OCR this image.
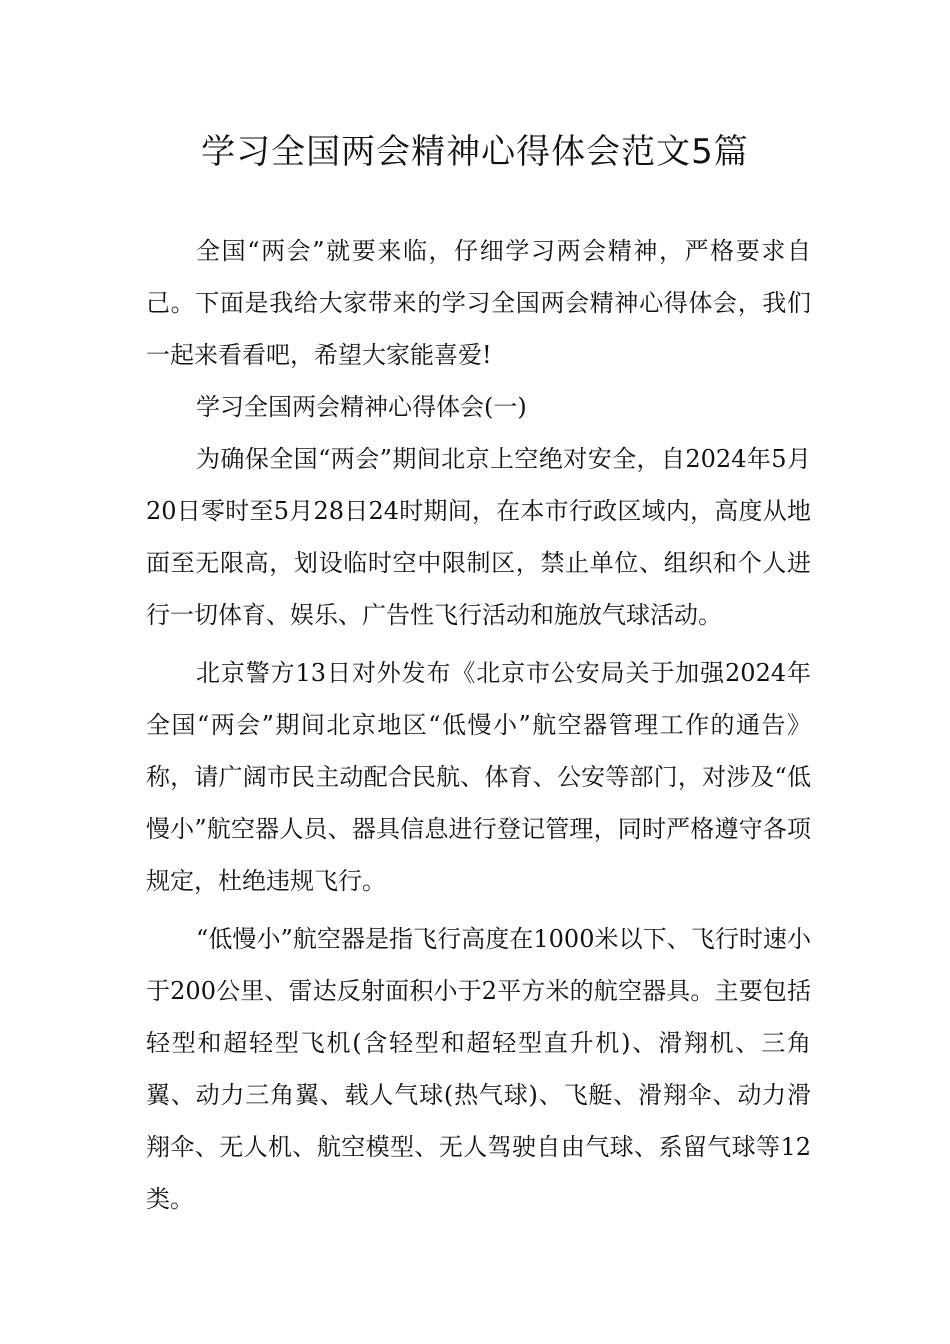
学习全国两会精神心得体会范文5篇

全国“两会”就要来临，仔细学习两会精神，严格要求自己。下面是我给大家带来的学习全国两会精神心得体会，我们一起来看看吧，希望大家能喜爱!

学习全国两会精神心得体会(一)

为确保全国“两会”期间北京上空绝对安全，自2024年5月20日零时至5月28日24时期间，在本市行政区域内，高度从地面至无限高，划设临时空中限制区，禁止单位、组织和个人进行一切体育、娱乐、广告性飞行活动和施放气球活动。

北京警方13日对外发布《北京市公安局关于加强2024年全国“两会”期间北京地区“低慢小”航空器管理工作的通告》称，请广阔市民主动配合民航、体育、公安等部门，对涉及“低慢小”航空器人员、器具信息进行登记管理，同时严格遵守各项规定，杜绝违规飞行。

“低慢小”航空器是指飞行高度在1000米以下、飞行时速小于200公里、雷达反射面积小于2平方米的航空器具。主要包括轻型和超轻型飞机(含轻型和超轻型直升机)、滑翔机、三角翼、动力三角翼、载人气球(热气球)、飞艇、滑翔伞、动力滑翔伞、无人机、航空模型、无人驾驶自由气球、系留气球等12类。
